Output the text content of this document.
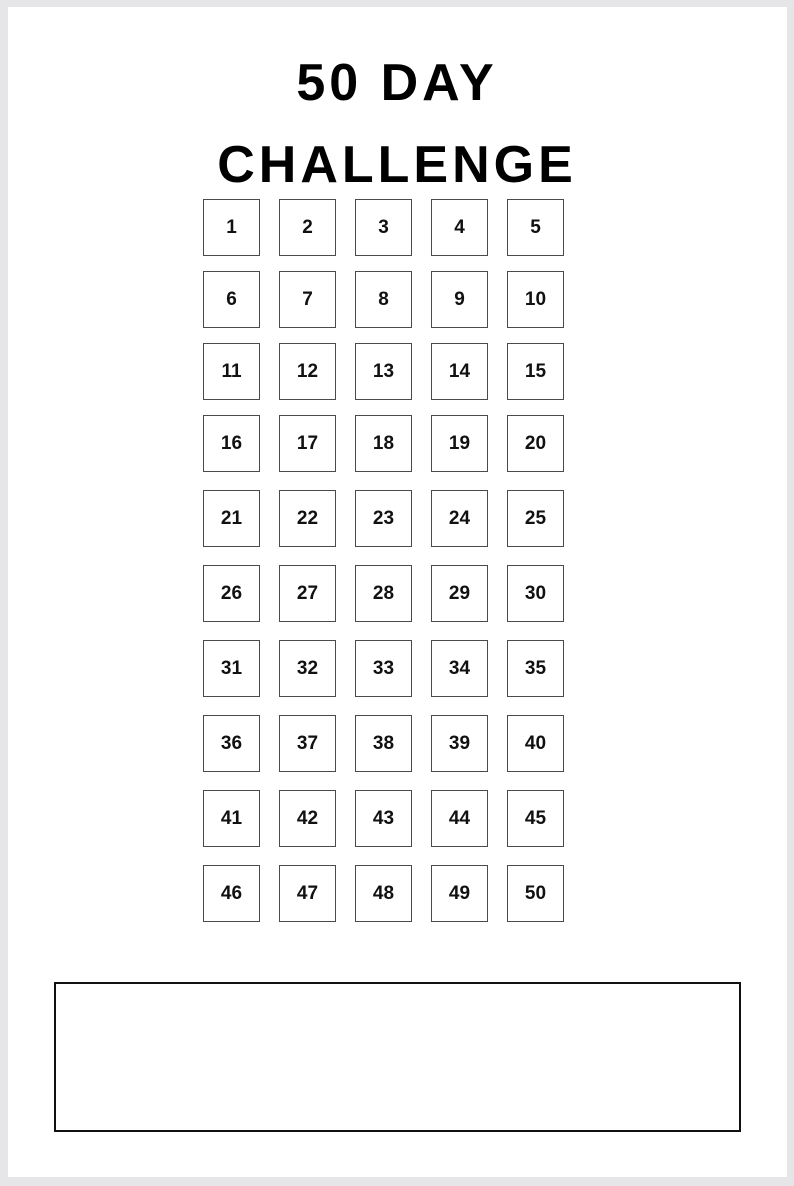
50 DAY
CHALLENGE
1	2	3	4	5
6	7	8	9	10
11	12	13	14	15
16	17	18	19	20
21	22	23	24	25
26	27	28	29	30
31	32	33	34	35
36	37	38	39	40
41	42	43	44	45
46	47	48	49	50
